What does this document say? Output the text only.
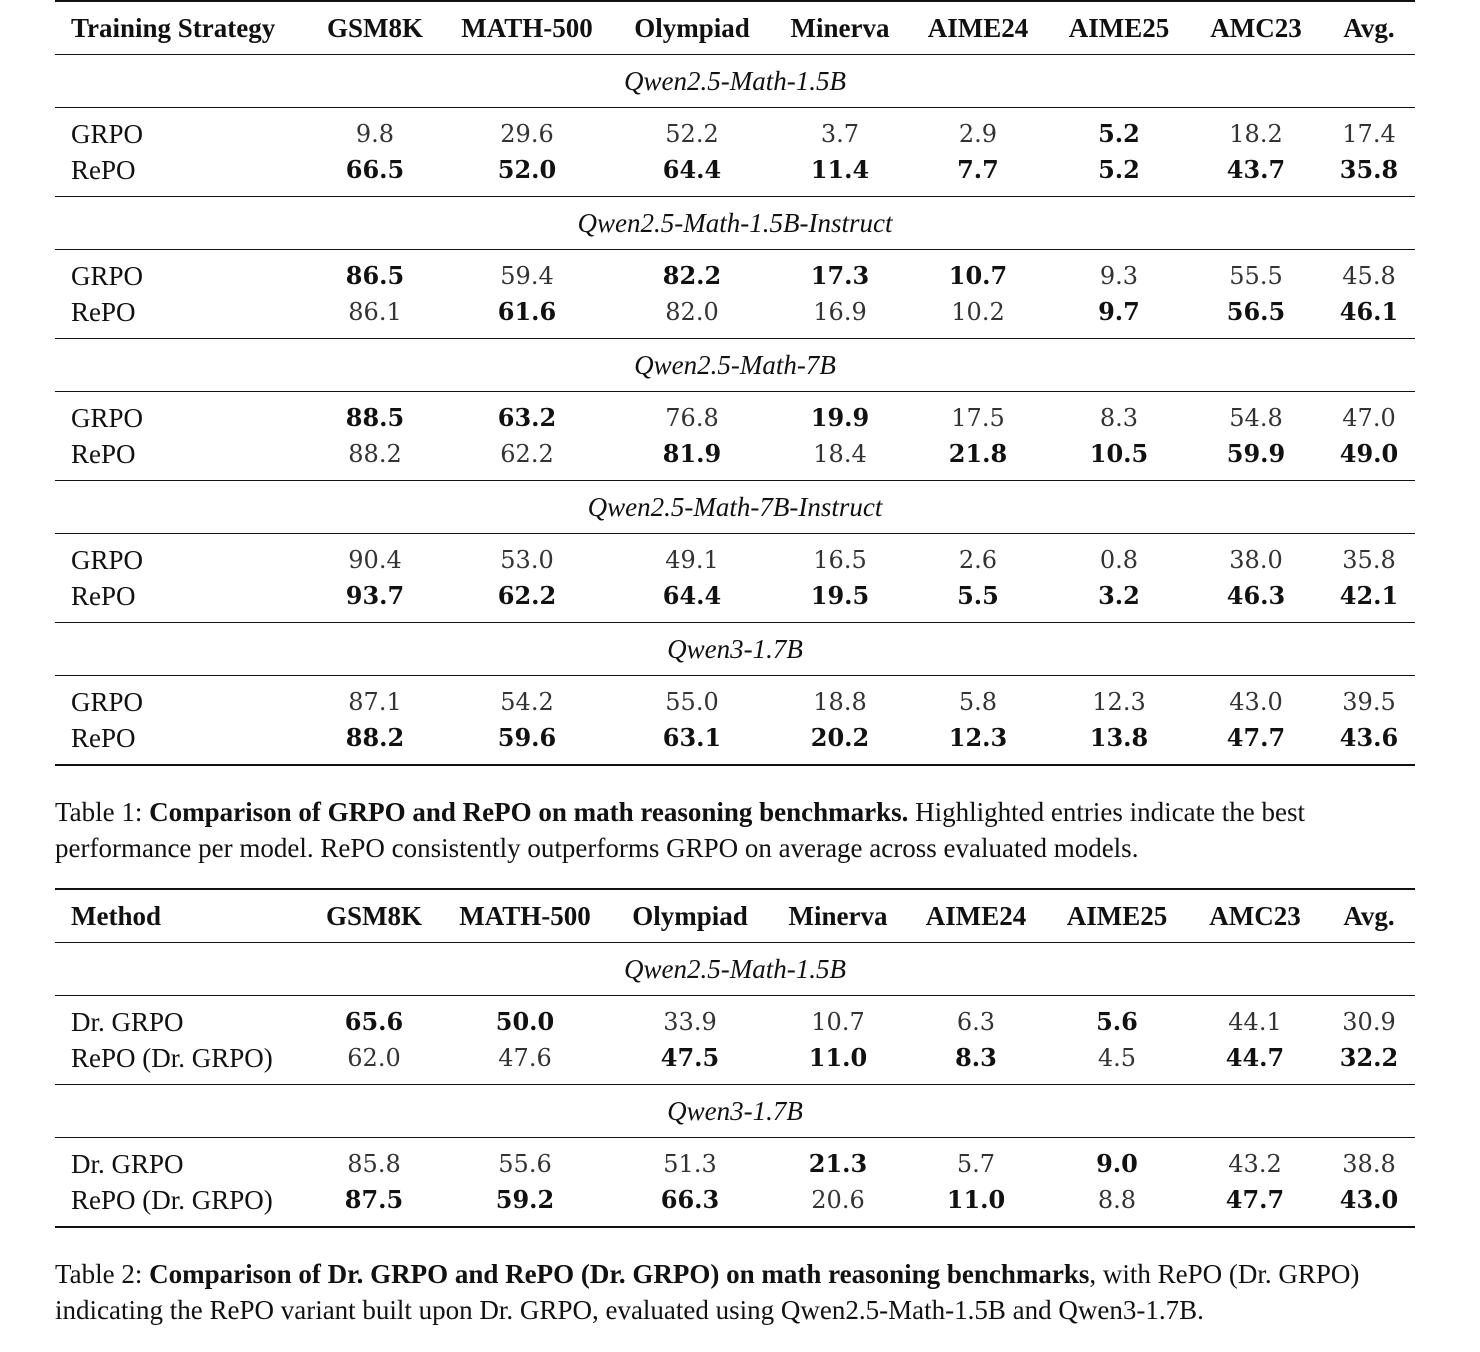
Training Strategy	GSM8K	MATH-500	Olympiad	Minerva	AIME24	AIME25	AMC23	Avg.
Qwen2.5-Math-1.5B								

GRPO	9.8	29.6	52.2	3.7	2.9	5.2	18.2	17.4
RePO	66.5	52.0	64.4	11.4	7.7	5.2	43.7	35.8

Qwen2.5-Math-1.5B-Instruct								

GRPO	86.5	59.4	82.2	17.3	10.7	9.3	55.5	45.8
RePO	86.1	61.6	82.0	16.9	10.2	9.7	56.5	46.1

Qwen2.5-Math-7B								

GRPO	88.5	63.2	76.8	19.9	17.5	8.3	54.8	47.0
RePO	88.2	62.2	81.9	18.4	21.8	10.5	59.9	49.0

Qwen2.5-Math-7B-Instruct								

GRPO	90.4	53.0	49.1	16.5	2.6	0.8	38.0	35.8
RePO	93.7	62.2	64.4	19.5	5.5	3.2	46.3	42.1

Qwen3-1.7B								

GRPO	87.1	54.2	55.0	18.8	5.8	12.3	43.0	39.5
RePO	88.2	59.6	63.1	20.2	12.3	13.8	47.7	43.6

Table 1: Comparison of GRPO and RePO on math reasoning benchmarks. Highlighted entries indicate the best performance per model. RePO consistently outperforms GRPO on average across evaluated models.
Method	GSM8K	MATH-500	Olympiad	Minerva	AIME24	AIME25	AMC23	Avg.
Qwen2.5-Math-1.5B								

Dr. GRPO	65.6	50.0	33.9	10.7	6.3	5.6	44.1	30.9
RePO (Dr. GRPO)	62.0	47.6	47.5	11.0	8.3	4.5	44.7	32.2

Qwen3-1.7B								

Dr. GRPO	85.8	55.6	51.3	21.3	5.7	9.0	43.2	38.8
RePO (Dr. GRPO)	87.5	59.2	66.3	20.6	11.0	8.8	47.7	43.0

Table 2: Comparison of Dr. GRPO and RePO (Dr. GRPO) on math reasoning benchmarks, with RePO (Dr. GRPO) indicating the RePO variant built upon Dr. GRPO, evaluated using Qwen2.5-Math-1.5B and Qwen3-1.7B.
